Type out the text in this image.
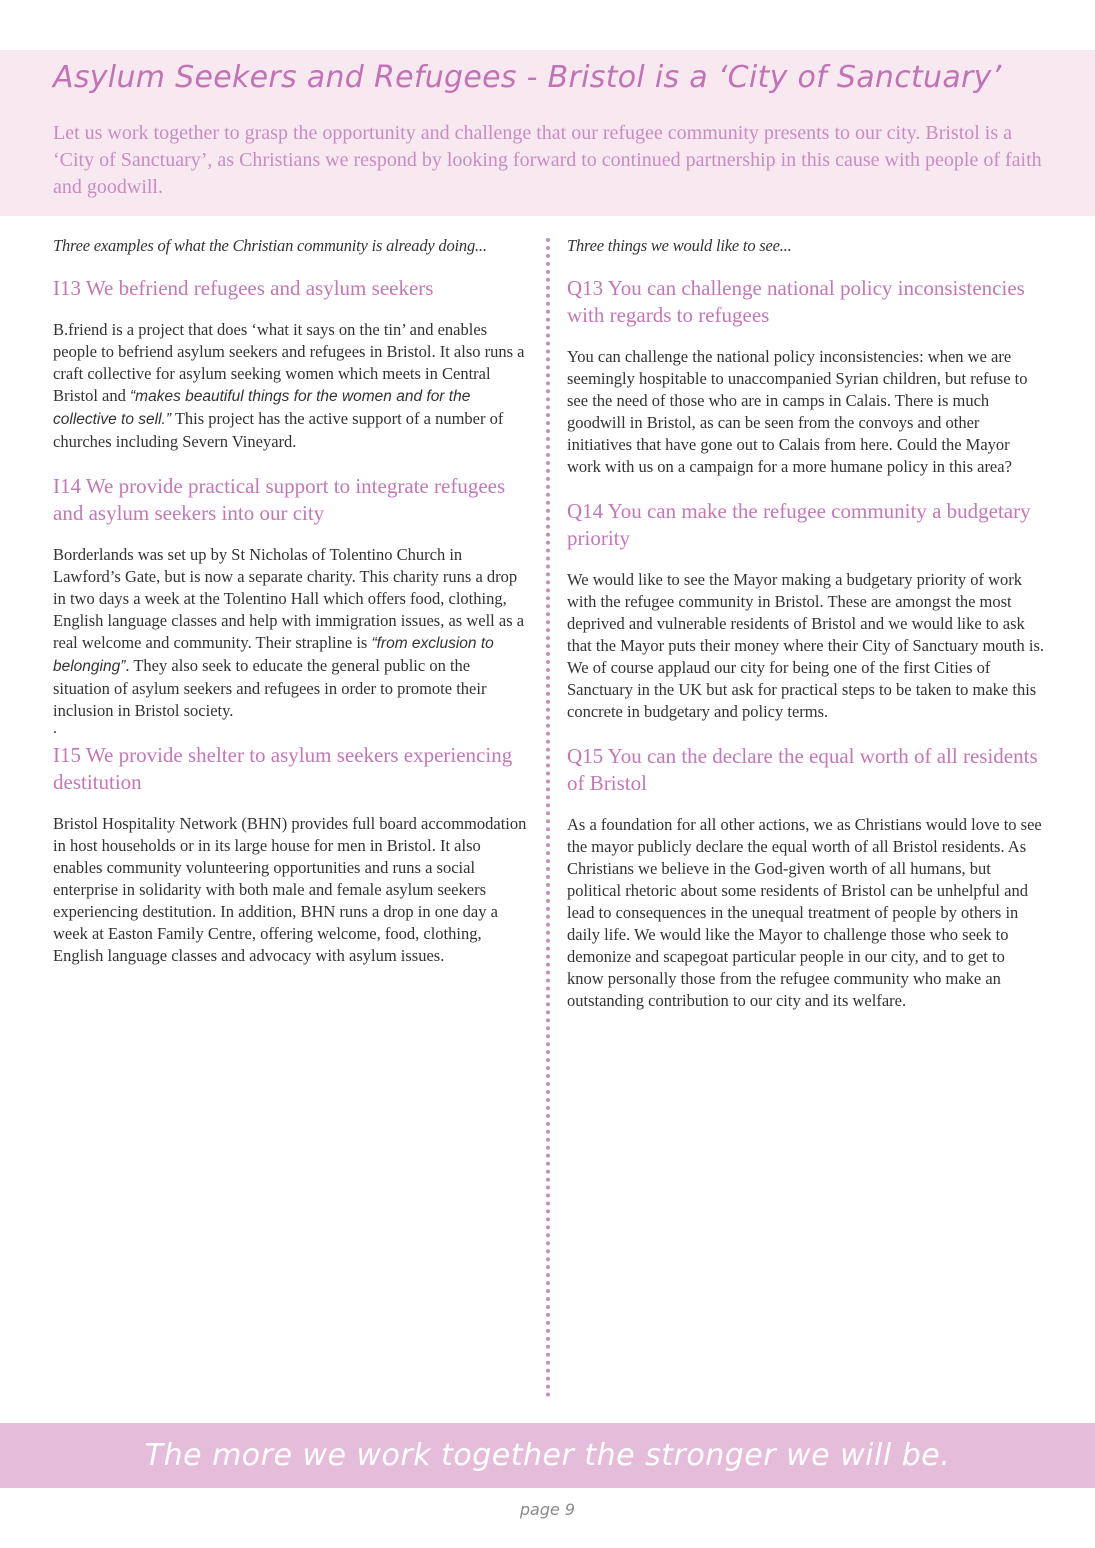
Asylum Seekers and Refugees - Bristol is a ‘City of Sanctuary’

Let us work together to grasp the opportunity and challenge that our refugee community presents to our city. Bristol is a ‘City of Sanctuary’, as Christians we respond by looking forward to continued partnership in this cause with people of faith and goodwill.

Three examples of what the Christian community is already doing...

I13 We befriend refugees and asylum seekers

B.friend is a project that does ‘what it says on the tin’ and enables people to befriend asylum seekers and refugees in Bristol. It also runs a craft collective for asylum seeking women which meets in Central Bristol and “makes beautiful things for the women and for the collective to sell.” This project has the active support of a number of churches including Severn Vineyard.

I14 We provide practical support to integrate refugees and asylum seekers into our city

Borderlands was set up by St Nicholas of Tolentino Church in Lawford’s Gate, but is now a separate charity. This charity runs a drop in two days a week at the Tolentino Hall which offers food, clothing, English language classes and help with immigration issues, as well as a real welcome and community. Their strapline is “from exclusion to belonging”. They also seek to educate the general public on the situation of asylum seekers and refugees in order to promote their inclusion in Bristol society.

.

I15 We provide shelter to asylum seekers experiencing destitution

Bristol Hospitality Network (BHN) provides full board accommodation in host households or in its large house for men in Bristol. It also enables community volunteering opportunities and runs a social enterprise in solidarity with both male and female asylum seekers experiencing destitution. In addition, BHN runs a drop in one day a week at Easton Family Centre, offering welcome, food, clothing, English language classes and advocacy with asylum issues.

Three things we would like to see...

Q13 You can challenge national policy inconsistencies with regards to refugees

You can challenge the national policy inconsistencies: when we are seemingly hospitable to unaccompanied Syrian children, but refuse to see the need of those who are in camps in Calais. There is much goodwill in Bristol, as can be seen from the convoys and other initiatives that have gone out to Calais from here. Could the Mayor work with us on a campaign for a more humane policy in this area?

Q14 You can make the refugee community a budgetary priority

We would like to see the Mayor making a budgetary priority of work with the refugee community in Bristol. These are amongst the most deprived and vulnerable residents of Bristol and we would like to ask that the Mayor puts their money where their City of Sanctuary mouth is. We of course applaud our city for being one of the first Cities of Sanctuary in the UK but ask for practical steps to be taken to make this concrete in budgetary and policy terms.

Q15 You can the declare the equal worth of all residents of Bristol

As a foundation for all other actions, we as Christians would love to see the mayor publicly declare the equal worth of all Bristol residents. As Christians we believe in the God-given worth of all humans, but political rhetoric about some residents of Bristol can be unhelpful and lead to consequences in the unequal treatment of people by others in daily life. We would like the Mayor to challenge those who seek to demonize and scapegoat particular people in our city, and to get to know personally those from the refugee community who make an outstanding contribution to our city and its welfare.

The more we work together the stronger we will be.
page 9
